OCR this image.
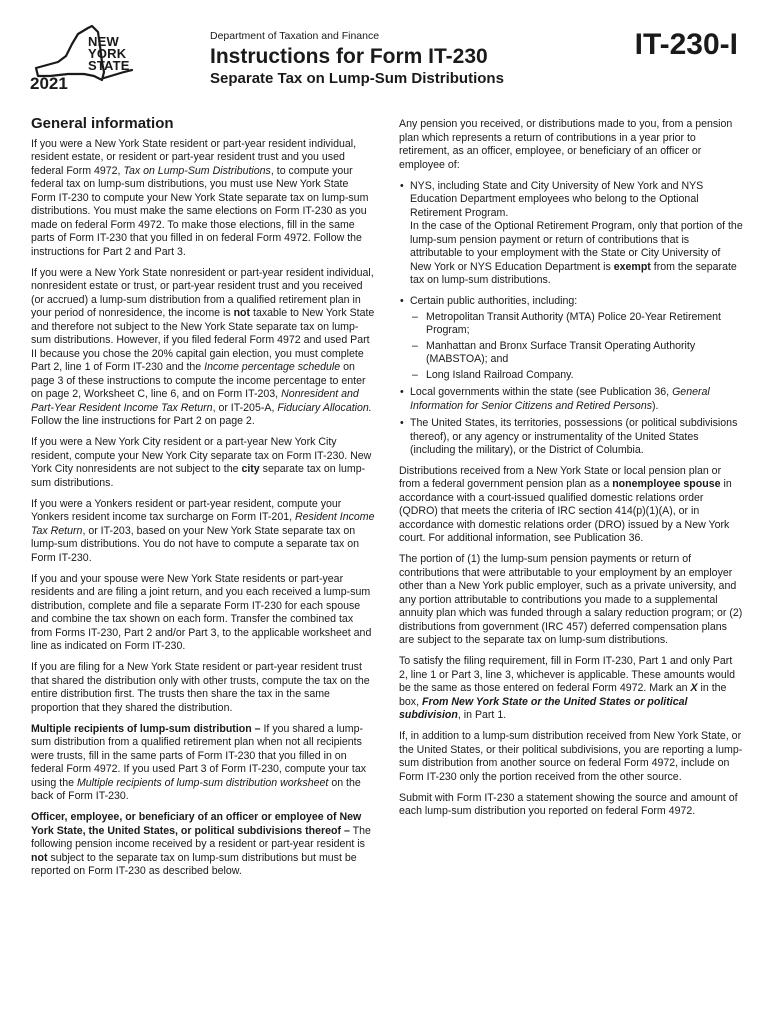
NEW
YORK
STATE
2021
Department of Taxation and Finance
Instructions for Form IT-230
Separate Tax on Lump-Sum Distributions
IT-230-I
General information

If you were a New York State resident or part-year resident individual, resident estate, or resident or part-year resident trust and you used federal Form 4972, Tax on Lump-Sum Distributions, to compute your federal tax on lump-sum distributions, you must use New York State Form IT-230 to compute your New York State separate tax on lump-sum distributions. You must make the same elections on Form IT-230 as you made on federal Form 4972. To make those elections, fill in the same parts of Form IT-230 that you filled in on federal Form 4972. Follow the instructions for Part 2 and Part 3.

If you were a New York State nonresident or part-year resident individual, nonresident estate or trust, or part-year resident trust and you received (or accrued) a lump-sum distribution from a qualified retirement plan in your period of nonresidence, the income is not taxable to New York State and therefore not subject to the New York State separate tax on lump-sum distributions. However, if you filed federal Form 4972 and used Part II because you chose the 20% capital gain election, you must complete Part 2, line 1 of Form IT-230 and the Income percentage schedule on page 3 of these instructions to compute the income percentage to enter on page 2, Worksheet C, line 6, and on Form IT-203, Nonresident and Part-Year Resident Income Tax Return, or IT-205-A, Fiduciary Allocation. Follow the line instructions for Part 2 on page 2.

If you were a New York City resident or a part-year New York City resident, compute your New York City separate tax on Form IT-230. New York City nonresidents are not subject to the city separate tax on lump-sum distributions.

If you were a Yonkers resident or part-year resident, compute your Yonkers resident income tax surcharge on Form IT-201, Resident Income Tax Return, or IT-203, based on your New York State separate tax on lump-sum distributions. You do not have to compute a separate tax on Form IT-230.

If you and your spouse were New York State residents or part-year residents and are filing a joint return, and you each received a lump-sum distribution, complete and file a separate Form IT-230 for each spouse and combine the tax shown on each form. Transfer the combined tax from Forms IT-230, Part 2 and/or Part 3, to the applicable worksheet and line as indicated on Form IT-230.

If you are filing for a New York State resident or part-year resident trust that shared the distribution only with other trusts, compute the tax on the entire distribution first. The trusts then share the tax in the same proportion that they shared the distribution.

Multiple recipients of lump-sum distribution – If you shared a lump-sum distribution from a qualified retirement plan when not all recipients were trusts, fill in the same parts of Form IT-230 that you filled in on federal Form 4972. If you used Part 3 of Form IT-230, compute your tax using the Multiple recipients of lump-sum distribution worksheet on the back of Form IT-230.

Officer, employee, or beneficiary of an officer or employee of New York State, the United States, or political subdivisions thereof – The following pension income received by a resident or part-year resident is not subject to the separate tax on lump-sum distributions but must be reported on Form IT-230 as described below.

Any pension you received, or distributions made to you, from a pension plan which represents a return of contributions in a year prior to retirement, as an officer, employee, or beneficiary of an officer or employee of:

• NYS, including State and City University of New York and NYS Education Department employees who belong to the Optional Retirement Program.

In the case of the Optional Retirement Program, only that portion of the lump-sum pension payment or return of contributions that is attributable to your employment with the State or City University of New York or NYS Education Department is exempt from the separate tax on lump-sum distributions.

• Certain public authorities, including:
– Metropolitan Transit Authority (MTA) Police 20-Year Retirement Program;
– Manhattan and Bronx Surface Transit Operating Authority (MABSTOA); and
– Long Island Railroad Company.
• Local governments within the state (see Publication 36, General Information for Senior Citizens and Retired Persons).
• The United States, its territories, possessions (or political subdivisions thereof), or any agency or instrumentality of the United States (including the military), or the District of Columbia.

Distributions received from a New York State or local pension plan or from a federal government pension plan as a nonemployee spouse in accordance with a court-issued qualified domestic relations order (QDRO) that meets the criteria of IRC section 414(p)(1)(A), or in accordance with domestic relations order (DRO) issued by a New York court. For additional information, see Publication 36.

The portion of (1) the lump-sum pension payments or return of contributions that were attributable to your employment by an employer other than a New York public employer, such as a private university, and any portion attributable to contributions you made to a supplemental annuity plan which was funded through a salary reduction program; or (2) distributions from government (IRC 457) deferred compensation plans are subject to the separate tax on lump-sum distributions.

To satisfy the filing requirement, fill in Form IT-230, Part 1 and only Part 2, line 1 or Part 3, line 3, whichever is applicable. These amounts would be the same as those entered on federal Form 4972. Mark an X in the box, From New York State or the United States or political subdivision, in Part 1.

If, in addition to a lump-sum distribution received from New York State, or the United States, or their political subdivisions, you are reporting a lump-sum distribution from another source on federal Form 4972, include on Form IT-230 only the portion received from the other source.

Submit with Form IT-230 a statement showing the source and amount of each lump-sum distribution you reported on federal Form 4972.
